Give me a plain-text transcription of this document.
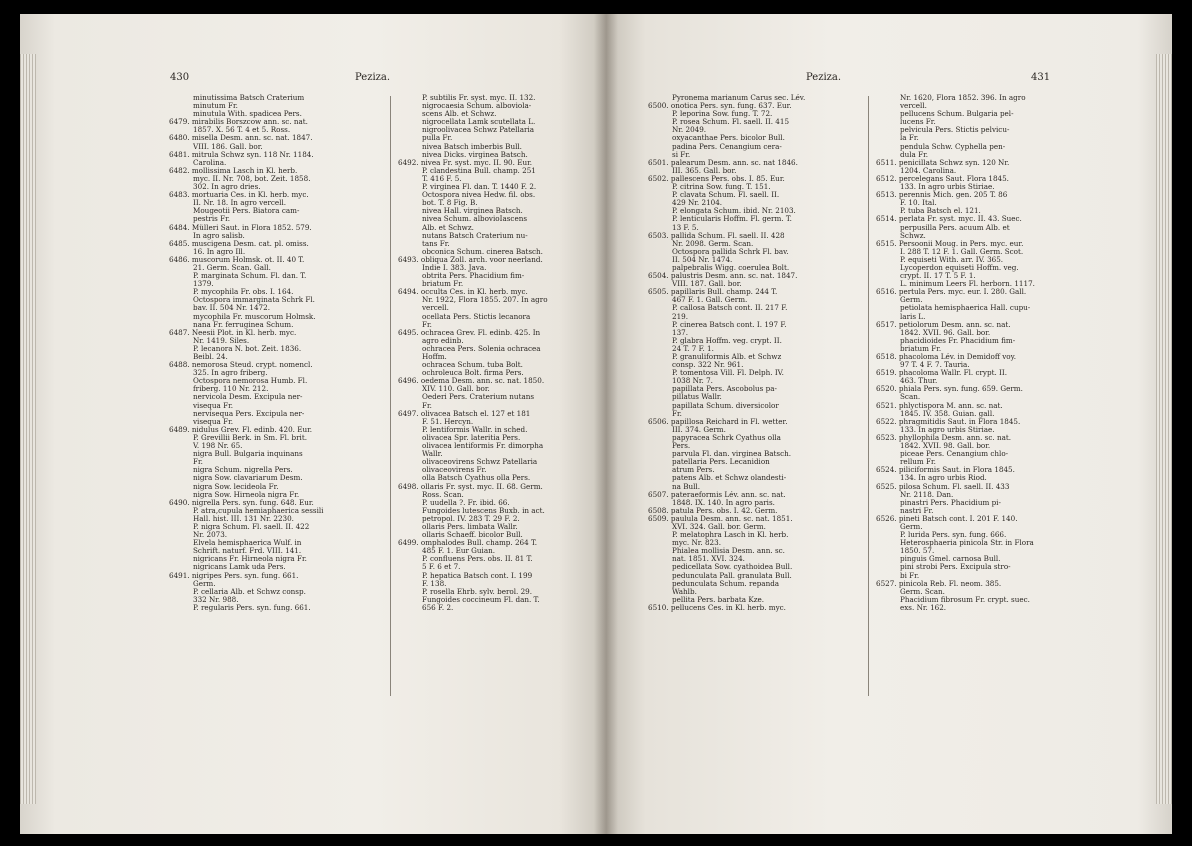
430	Peziza.
minutissima Batsch Craterium
minutum Fr.
minutula With. spadicea Pers.
6479. mirabilis Borszcow ann. sc. nat.
1857. X. 56 T. 4 et 5. Ross.
6480. misella Desm. ann. sc. nat. 1847.
VIII. 186. Gall. bor.
6481. mitrula Schwz syn. 118 Nr. 1184.
Carolina.
6482. mollissima Lasch in Kl. herb.
myc. II. Nr. 708, bot. Zeit. 1858.
302. In agro dries.
6483. mortuaria Ces. in Kl. herb. myc.
II. Nr. 18. In agro vercell.
Mougeotii Pers. Biatora cam-
pestris Fr.
6484. Mülleri Saut. in Flora 1852. 579.
In agro salisb.
6485. muscigena Desm. cat. pl. omiss.
16. In agro Ill.
6486. muscorum Holmsk. ot. II. 40 T.
21. Germ. Scan. Gall.
P. marginata Schum. Fl. dan. T.
1379.
P. mycophila Fr. obs. I. 164.
Octospora immarginata Schrk Fl.
bav. II. 504 Nr. 1472.
mycophila Fr. muscorum Holmsk.
nana Fr. ferruginea Schum.
6487. Neesii Plot. in Kl. herb. myc.
Nr. 1419. Siles.
P. lecanora N. bot. Zeit. 1836.
Beibl. 24.
6488. nemorosa Steud. crypt. nomencl.
325. In agro friberg.
Octospora nemorosa Humb. Fl.
friberg. 110 Nr. 212.
nervicola Desm. Excipula ner-
visequa Fr.
nervisequa Pers. Excipula ner-
visequa Fr.
6489. nidulus Grev. Fl. edinb. 420. Eur.
P. Grevillii Berk. in Sm. Fl. brit.
V. 198 Nr. 65.
nigra Bull. Bulgaria inquinans
Fr.
nigra Schum. nigrella Pers.
nigra Sow. clavariarum Desm.
nigra Sow. lecideola Fr.
nigra Sow. Hirneola nigra Fr.
6490. nigrella Pers. syn. fung. 648. Eur.
P. atra,cupula hemiaphaerica sessili
Hall. hist. III. 131 Nr. 2230.
P. nigra Schum. Fl. saell. II. 422
Nr. 2073.
Elvela hemisphaerica Wulf. in
Schrift. naturf. Frd. VIII. 141.
nigricans Fr. Hirneola nigra Fr.
nigricans Lamk uda Pers.
6491. nigripes Pers. syn. fung. 661.
Germ.
P. cellaria Alb. et Schwz consp.
332 Nr. 988.
P. regularis Pers. syn. fung. 661.
P. subtilis Fr. syst. myc. II. 132.
nigrocaesia Schum. alboviola-
scens Alb. et Schwz.
nigrocellata Lamk scutellata L.
nigroolivacea Schwz Patellaria
pulla Fr.
nivea Batsch imberbis Bull.
nivea Dicks. virginea Batsch.
6492. nivea Fr. syst. myc. II. 90. Eur.
P. clandestina Bull. champ. 251
T. 416 F. 5.
P. virginea Fl. dan. T. 1440 F. 2.
Octospora nivea Hedw. fil. obs.
bot. T. 8 Fig. B.
nivea Hall. virginea Batsch.
nivea Schum. albovioIascens
Alb. et Schwz.
nutans Batsch Craterium nu-
tans Fr.
obconica Schum. cinerea Batsch.
6493. obliqua Zoll. arch. voor neerland.
Indie I. 383. Java.
obtrita Pers. Phacidium fim-
briatum Fr.
6494. occulta Ces. in Kl. herb. myc.
Nr. 1922, Flora 1855. 207. In agro
vercell.
ocellata Pers. Stictis lecanora
Fr.
6495. ochracea Grev. Fl. edinb. 425. In
agro edinb.
ochracea Pers. Solenia ochracea
Hoffm.
ochracea Schum. tuba Bolt.
ochroleuca Bolt. firma Pers.
6496. oedema Desm. ann. sc. nat. 1850.
XIV. 110. Gall. bor.
Oederi Pers. Craterium nutans
Fr.
6497. olivacea Batsch el. 127 et 181
F. 51. Hercyn.
P. lentiformis Wallr. in sched.
olivacea Spr. lateritia Pers.
olivacea lentiformis Fr. dimorpha
Wallr.
olivaceovirens Schwz Patellaria
olivaceovirens Fr.
olla Batsch Cyathus olla Pers.
6498. ollaris Fr. syst. myc. II. 68. Germ.
Ross. Scan.
P. uudella ?. Fr. ibid. 66.
Fungoides lutescens Buxb. in act.
petropol. IV. 283 T. 29 F. 2.
ollaris Pers. limbata Wallr.
ollaris Schaeff. bicolor Bull.
6499. omphalodes Bull. champ. 264 T.
485 F. 1. Eur Guian.
P. confluens Pers. obs. II. 81 T.
5 F. 6 et 7.
P. hepatica Batsch cont. I. 199
F. 138.
P. rosella Ehrb. sylv. berol. 29.
Fungoides coccineum Fl. dan. T.
656 F. 2.
Peziza.	431
Pyronema marianum Carus sec. Lév.
6500. onotica Pers. syn. fung. 637. Eur.
P. leporina Sow. fung. T. 72.
P. rosea Schum. Fl. saell. II. 415
Nr. 2049.
oxyacanthae Pers. bicolor Bull.
padina Pers. Cenangium cera-
si Fr.
6501. palearum Desm. ann. sc. nat 1846.
III. 365. Gall. bor.
6502. pallescens Pers. obs. I. 85. Eur.
P. citrina Sow. fung. T. 151.
P. clavata Schum. Fl. saell. II.
429 Nr. 2104.
P. elongata Schum. ibid. Nr. 2103.
P. lenticularis Hoffm. Fl. germ. T.
13 F. 5.
6503. pallida Schum. Fl. saell. II. 428
Nr. 2098. Germ. Scan.
Octospora pallida Schrk Fl. bav.
II. 504 Nr. 1474.
palpebralis Wigg. coerulea Bolt.
6504. palustris Desm. ann. sc. nat. 1847.
VIII. 187. Gall. bor.
6505. papillaris Bull. champ. 244 T.
467 F. 1. Gall. Germ.
P. callosa Batsch cont. II. 217 F.
219.
P. cinerea Batsch cont. I. 197 F.
137.
P. glabra Hoffm. veg. crypt. II.
24 T. 7 F. 1.
P. granuliformis Alb. et Schwz
consp. 322 Nr. 961.
P. tomentosa Vill. Fl. Delph. IV.
1038 Nr. 7.
papillata Pers. Ascobolus pa-
pillatus Wallr.
papillata Schum. diversicolor
Fr.
6506. papillosa Reichard in Fl. wetter.
III. 374. Germ.
papyracea Schrk Cyathus olla
Pers.
parvula Fl. dan. virginea Batsch.
patellaria Pers. Lecanidion
atrum Pers.
patens Alb. et Schwz olandesti-
na Bull.
6507. pateraeformis Lév. ann. sc. nat.
1848. IX. 140. In agro paris.
6508. patula Pers. obs. I. 42. Germ.
6509. paulula Desm. ann. sc. nat. 1851.
XVI. 324. Gall. bor. Germ.
P. melatophra Lasch in Kl. herb.
myc. Nr. 823.
Phialea mollisia Desm. ann. sc.
nat. 1851. XVI. 324.
pedicellata Sow. cyathoidea Bull.
pedunculata Pall. granulata Bull.
pedunculata Schum. repanda
Wahlb.
pellita Pers. barbata Kze.
6510. pellucens Ces. in Kl. herb. myc.
Nr. 1620, Flora 1852. 396. In agro
vercell.
pellucens Schum. Bulgaria pel-
lucens Fr.
pelvicula Pers. Stictis pelvicu-
la Fr.
pendula Schw. Cyphella pen-
dula Fr.
6511. penicillata Schwz syn. 120 Nr.
1204. Carolina.
6512. percelegans Saut. Flora 1845.
133. In agro urbis Stiriae.
6513. perennis Mich. gen. 205 T. 86
F. 10. Ital.
P. tuba Batsch el. 121.
6514. perlata Fr. syst. myc. II. 43. Suec.
perpusilla Pers. acuum Alb. et
Schwz.
6515. Persoonii Moug. in Pers. myc. eur.
I. 288 T. 12 F. 1. Gall. Germ. Scot.
P. equiseti With. arr. IV. 365.
Lycoperdon equiseti Hoffm. veg.
crypt. II. 17 T. 5 F. 1.
L. minimum Leers Fl. herborn. 1117.
6516. pertula Pers. myc. eur. I. 280. Gall.
Germ.
petiolata hemisphaerica Hall. cupu-
laris L.
6517. petiolorum Desm. ann. sc. nat.
1842. XVII. 96. Gall. bor.
phacidioides Fr. Phacidium fim-
briatum Fr.
6518. phacoloma Lév. in Demidoff voy.
97 T. 4 F. 7. Tauria.
6519. phacoloma Wallr. Fl. crypt. II.
463. Thur.
6520. phiala Pers. syn. fung. 659. Germ.
Scan.
6521. phlyctispora M. ann. sc. nat.
1845. IV. 358. Guian. gall.
6522. phragmitidis Saut. in Flora 1845.
133. In agro urbis Stiriae.
6523. phyllophila Desm. ann. sc. nat.
1842. XVII. 98. Gall. bor.
piceae Pers. Cenangium chlo-
rellum Fr.
6524. piliciformis Saut. in Flora 1845.
134. In agro urbis Riod.
6525. pilosa Schum. Fl. saell. II. 433
Nr. 2118. Dan.
pinastri Pers. Phacidium pi-
nastri Fr.
6526. pineti Batsch cont. I. 201 F. 140.
Germ.
P. lurida Pers. syn. fung. 666.
Heterosphaeria pinicola Str. in Flora
1850. 57.
pinguis Gmel. carnosa Bull.
pini strobi Pers. Excipula stro-
bi Fr.
6527. pinicola Reb. Fl. neom. 385.
Germ. Scan.
Phacidium fibrosum Fr. crypt. suec.
exs. Nr. 162.
